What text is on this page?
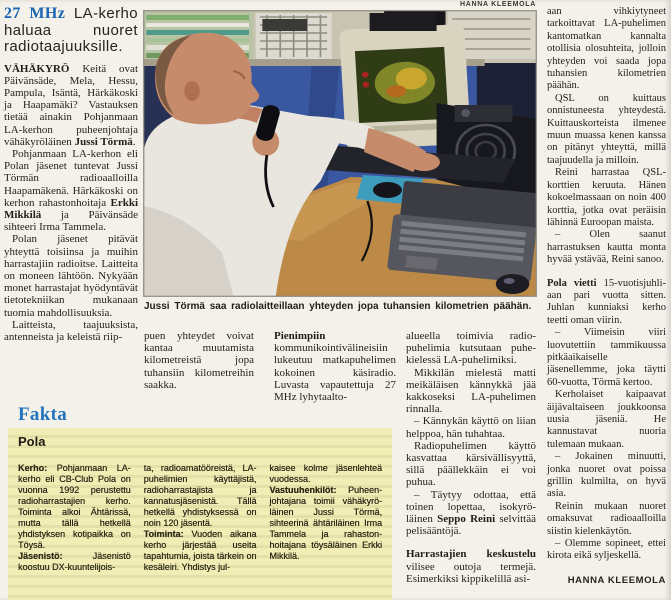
27 MHz LA-kerho haluaa nuoret radiotaajuuksille.

VÄHÄKYRÖ Keitä ovat Päivänsäde, Mela, Hessu, Pampula, Isäntä, Härkäkoski ja Haapamäki? Vastauksen tietää ainakin Pohjanmaan LA-kerhon puheenjohtaja vähäkyröläinen Jussi Törmä.

Pohjanmaan LA-kerhon eli Polan jäsenet tuntevat Jussi Törmän radioaalloilla Haapamäkenä. Härkäkoski on kerhon rahastonhoitaja Erkki Mikkilä ja Päivänsäde sihteeri Irma Tammela.

Polan jäsenet pitävät yhteyttä toisiinsa ja muihin harrastajiin radioitse. Laitteita on moneen lähtöön. Nykyään monet harrastajat hyödyntävät tietotekniikan mukanaan tuomia mahdollisuuksia.

Laitteista, taajuuksista, antenneista ja keleistä riip-

HANNA KLEEMOLA
Jussi Törmä saa radiolaitteillaan yhteyden jopa tuhansien kilometrien päähän.

puen yhteydet voivat kantaa muutamista kilometreistä jopa tuhansiin kilometreihin saakka.

Pienimpiin kommunikointivälineisiin lukeutuu matkapuhelimen kokoinen käsiradio. Luvasta vapautettuja 27 MHz lyhytaalto-

alueella toimivia radiopuhelimia kutsutaan puhekielessä LA-puhelimiksi.

Mikkilän mielestä matti meikäläisen kännykkä jää kakkoseksi LA-puhelimen rinnalla.

– Kännykän käyttö on liian helppoa, hän tuhahtaa.

Radiopuhelimen käyttö kasvattaa kärsivällisyyttä, sillä päällekkäin ei voi puhua.

– Täytyy odottaa, että toinen lopettaa, isokyröläinen Seppo Reini selvittää pelisääntöjä.

Harrastajien keskustelu vilisee outoja termejä. Esimerkiksi kippikelillä asi-

aan vihkiytyneet tarkoittavat LA-puhelimen kantomatkan kannalta otollisia olosuhteita, jolloin yhteyden voi saada jopa tuhansien kilometrien päähän.

QSL on kuittaus onnistuneesta yhteydestä. Kuittauskorteista ilmenee muun muassa kenen kanssa on pitänyt yhteyttä, millä taajuudella ja milloin.

Reini harrastaa QSL-korttien keruuta. Hänen kokoelmassaan on noin 400 korttia, jotka ovat peräisin lähinnä Euroopan maista.

– Olen saanut harrastuksen kautta monta hyvää ystävää, Reini sanoo.

Pola vietti 15-vuotisjuhliaan pari vuotta sitten. Juhlan kunniaksi kerho teetti oman viirin.

– Viimeisin viiri luovutettiin tammikuussa pitkäaikaiselle jäsenellemme, joka täytti 60-vuotta, Törmä kertoo.

Kerholaiset kaipaavat äijävaltaiseen joukkoonsa uusia jäseniä. He kannustavat nuoria tulemaan mukaan.

– Jokainen minuutti, jonka nuoret ovat poissa grillin kulmilta, on hyvä asia.

Reinin mukaan nuoret omaksuvat radioaalloilla siistin kielenkäytön.

– Olemme sopineet, ettei kirota eikä syljeskellä.

HANNA KLEEMOLA
Fakta
Pola

Kerho: Pohjanmaan LA-kerho eli CB-Club Pola on vuonna 1992 perustettu radioharrastajien kerho. Toiminta alkoi Ähtärissä, mutta tällä hetkellä yhdistyksen kotipaikka on Töysä.

Jäsenistö: Jäsenistö koostuu DX-kuuntelijois-

ta, radioamatööreistä, LA-puhelimien käyttäjistä, radioharrastajista ja kannatusjäsenistä. Tällä hetkellä yhdistyksessä on noin 120 jäsentä.

Toiminta: Vuoden aikana kerho järjestää useita tapahtumia, joista tärkein on kesäleiri. Yhdistys jul-

kaisee kolme jäsenlehteä vuodessa.

Vastuuhenkilöt: Puheenjohtajana toimii vähäkyröläinen Jussi Törmä, sihteerinä ähtäriläinen Irma Tammela ja rahastonhoitajana töysäläinen Erkki Mikkilä.
